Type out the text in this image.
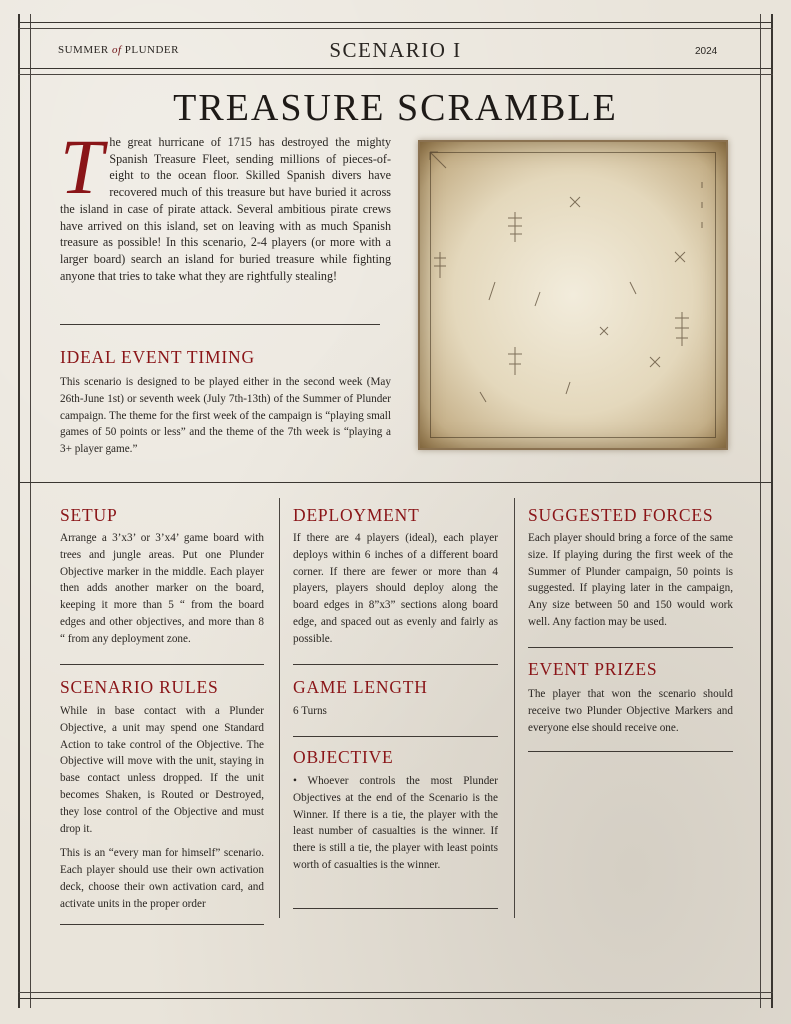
SUMMER of PLUNDER	SCENARIO I	2024
TREASURE SCRAMBLE
The great hurricane of 1715 has destroyed the mighty Spanish Treasure Fleet, sending millions of pieces-of-eight to the ocean floor. Skilled Spanish divers have recovered much of this treasure but have buried it across the island in case of pirate attack. Several ambitious pirate crews have arrived on this island, set on leaving with as much Spanish treasure as possible! In this scenario, 2-4 players (or more with a larger board) search an island for buried treasure while fighting anyone that tries to take what they are rightfully stealing!
IDEAL EVENT TIMING
This scenario is designed to be played either in the second week (May 26th-June 1st) or seventh week (July 7th-13th) of the Summer of Plunder campaign. The theme for the first week of the campaign is “playing small games of 50 points or less” and the theme of the 7th week is “playing a 3+ player game.”
SETUP
Arrange a 3’x3’ or 3’x4’ game board with trees and jungle areas. Put one Plunder Objective marker in the middle. Each player then adds another marker on the board, keeping it more than 5 “ from the board edges and other objectives, and more than 8 “ from any deployment zone.
SCENARIO RULES

While in base contact with a Plunder Objective, a unit may spend one Standard Action to take control of the Objective. The Objective will move with the unit, staying in base contact unless dropped. If the unit becomes Shaken, is Routed or Destroyed, they lose control of the Objective and must drop it.

This is an “every man for himself” scenario. Each player should use their own activation deck, choose their own activation card, and activate units in the proper order

DEPLOYMENT
If there are 4 players (ideal), each player deploys within 6 inches of a different board corner. If there are fewer or more than 4 players, players should deploy along the board edges in 8”x3” sections along board edge, and spaced out as evenly and fairly as possible.
GAME LENGTH
6 Turns
OBJECTIVE
• Whoever controls the most Plunder Objectives at the end of the Scenario is the Winner. If there is a tie, the player with the least number of casualties is the winner. If there is still a tie, the player with least points worth of casualties is the winner.
SUGGESTED FORCES
Each player should bring a force of the same size. If playing during the first week of the Summer of Plunder campaign, 50 points is suggested. If playing later in the campaign, Any size between 50 and 150 would work well. Any faction may be used.
EVENT PRIZES
The player that won the scenario should receive two Plunder Objective Markers and everyone else should receive one.
